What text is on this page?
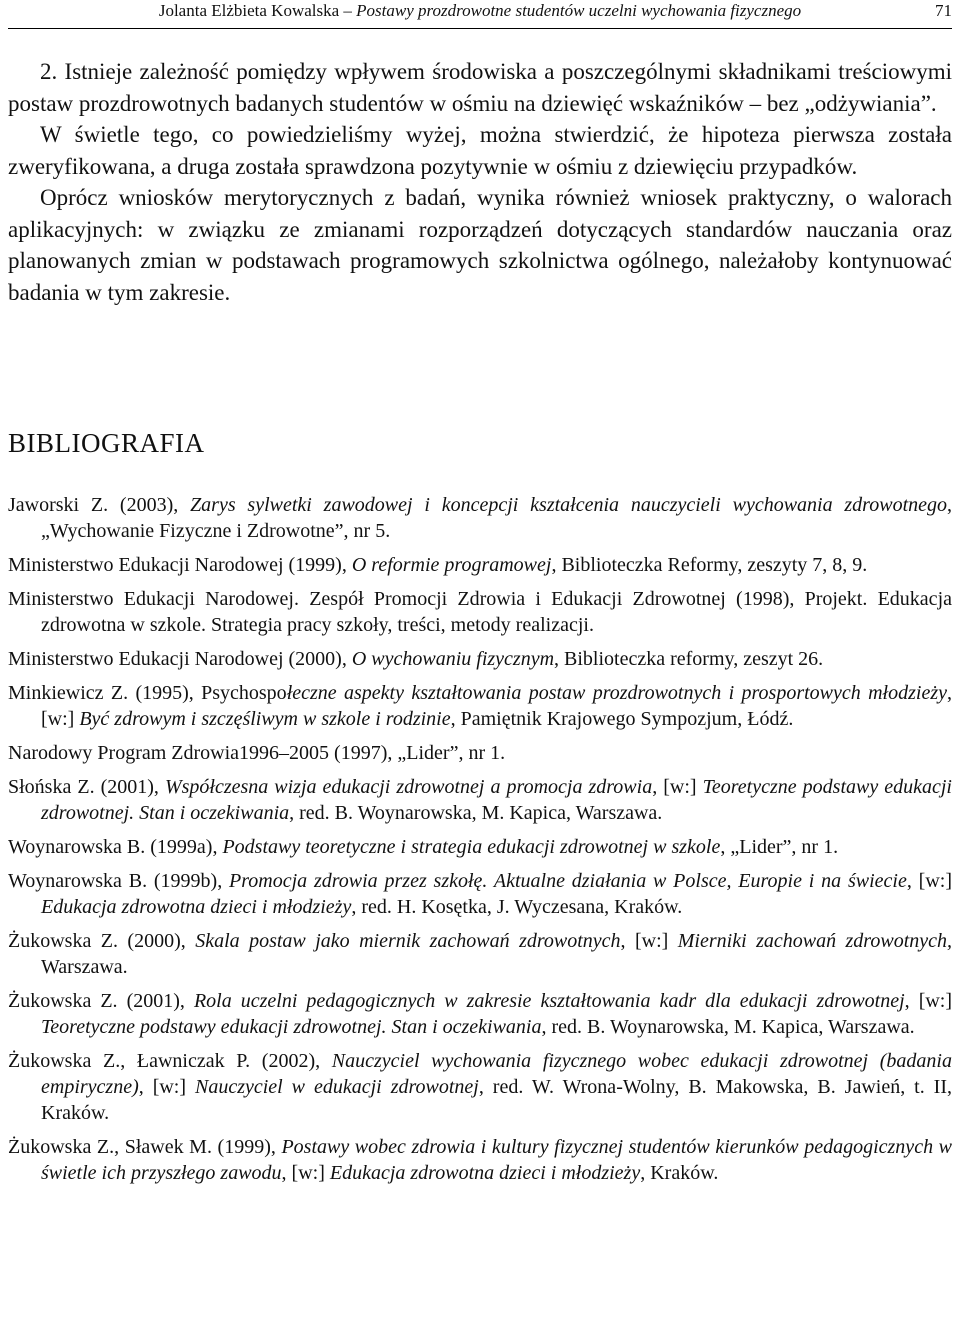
Jolanta Elżbieta Kowalska – Postawy prozdrowotne studentów uczelni wychowania fizycznego	71

2. Istnieje zależność pomiędzy wpływem środowiska a poszczególnymi składnikami treściowymi postaw prozdrowotnych badanych studentów w ośmiu na dziewięć wskaźników – bez „odżywiania”.

W świetle tego, co powiedzieliśmy wyżej, można stwierdzić, że hipoteza pierwsza została zweryfikowana, a druga została sprawdzona pozytywnie w ośmiu z dziewięciu przypadków.

Oprócz wniosków merytorycznych z badań, wynika również wniosek praktyczny, o walorach aplikacyjnych: w związku ze zmianami rozporządzeń dotyczących standardów nauczania oraz planowanych zmian w podstawach programowych szkolnictwa ogólnego, należałoby kontynuować badania w tym zakresie.

BIBLIOGRAFIA

Jaworski Z. (2003), Zarys sylwetki zawodowej i koncepcji kształcenia nauczycieli wychowania zdrowotnego, „Wychowanie Fizyczne i Zdrowotne”, nr 5.

Ministerstwo Edukacji Narodowej (1999), O reformie programowej, Biblioteczka Reformy, zeszyty 7, 8, 9.

Ministerstwo Edukacji Narodowej. Zespół Promocji Zdrowia i Edukacji Zdrowotnej (1998), Projekt. Edukacja zdrowotna w szkole. Strategia pracy szkoły, treści, metody realizacji.

Ministerstwo Edukacji Narodowej (2000), O wychowaniu fizycznym, Biblioteczka reformy, zeszyt 26.

Minkiewicz Z. (1995), Psychospołeczne aspekty kształtowania postaw prozdrowotnych i prosportowych młodzieży, [w:] Być zdrowym i szczęśliwym w szkole i rodzinie, Pamiętnik Krajowego Sympozjum, Łódź.

Narodowy Program Zdrowia1996–2005 (1997), „Lider”, nr 1.

Słońska Z. (2001), Współczesna wizja edukacji zdrowotnej a promocja zdrowia, [w:] Teoretyczne podstawy edukacji zdrowotnej. Stan i oczekiwania, red. B. Woynarowska, M. Kapica, Warszawa.

Woynarowska B. (1999a), Podstawy teoretyczne i strategia edukacji zdrowotnej w szkole, „Lider”, nr 1.

Woynarowska B. (1999b), Promocja zdrowia przez szkołę. Aktualne działania w Polsce, Europie i na świecie, [w:] Edukacja zdrowotna dzieci i młodzieży, red. H. Kosętka, J. Wyczesana, Kraków.

Żukowska Z. (2000), Skala postaw jako miernik zachowań zdrowotnych, [w:] Mierniki zachowań zdrowotnych, Warszawa.

Żukowska Z. (2001), Rola uczelni pedagogicznych w zakresie kształtowania kadr dla edukacji zdrowotnej, [w:] Teoretyczne podstawy edukacji zdrowotnej. Stan i oczekiwania, red. B. Woynarowska, M. Kapica, Warszawa.

Żukowska Z., Ławniczak P. (2002), Nauczyciel wychowania fizycznego wobec edukacji zdrowotnej (badania empiryczne), [w:] Nauczyciel w edukacji zdrowotnej, red. W. Wrona-Wolny, B. Makowska, B. Jawień, t. II, Kraków.

Żukowska Z., Sławek M. (1999), Postawy wobec zdrowia i kultury fizycznej studentów kierunków pedagogicznych w świetle ich przyszłego zawodu, [w:] Edukacja zdrowotna dzieci i młodzieży, Kraków.
